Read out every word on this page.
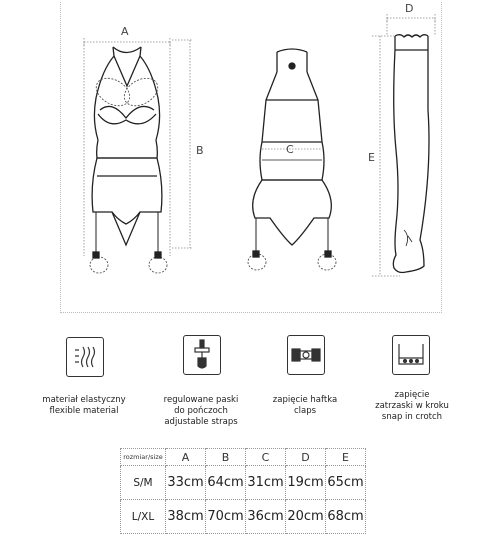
A
B	C
D
E
materiał elastyczny
flexible material
regulowane paski
do pończoch
adjustable straps
zapięcie haftka
claps
zapięcie
zatrzaski w kroku
snap in crotch
rozmiar/size	A	B	C	D	E
S/M	33cm	64cm	31cm	19cm	65cm
L/XL	38cm	70cm	36cm	20cm	68cm
